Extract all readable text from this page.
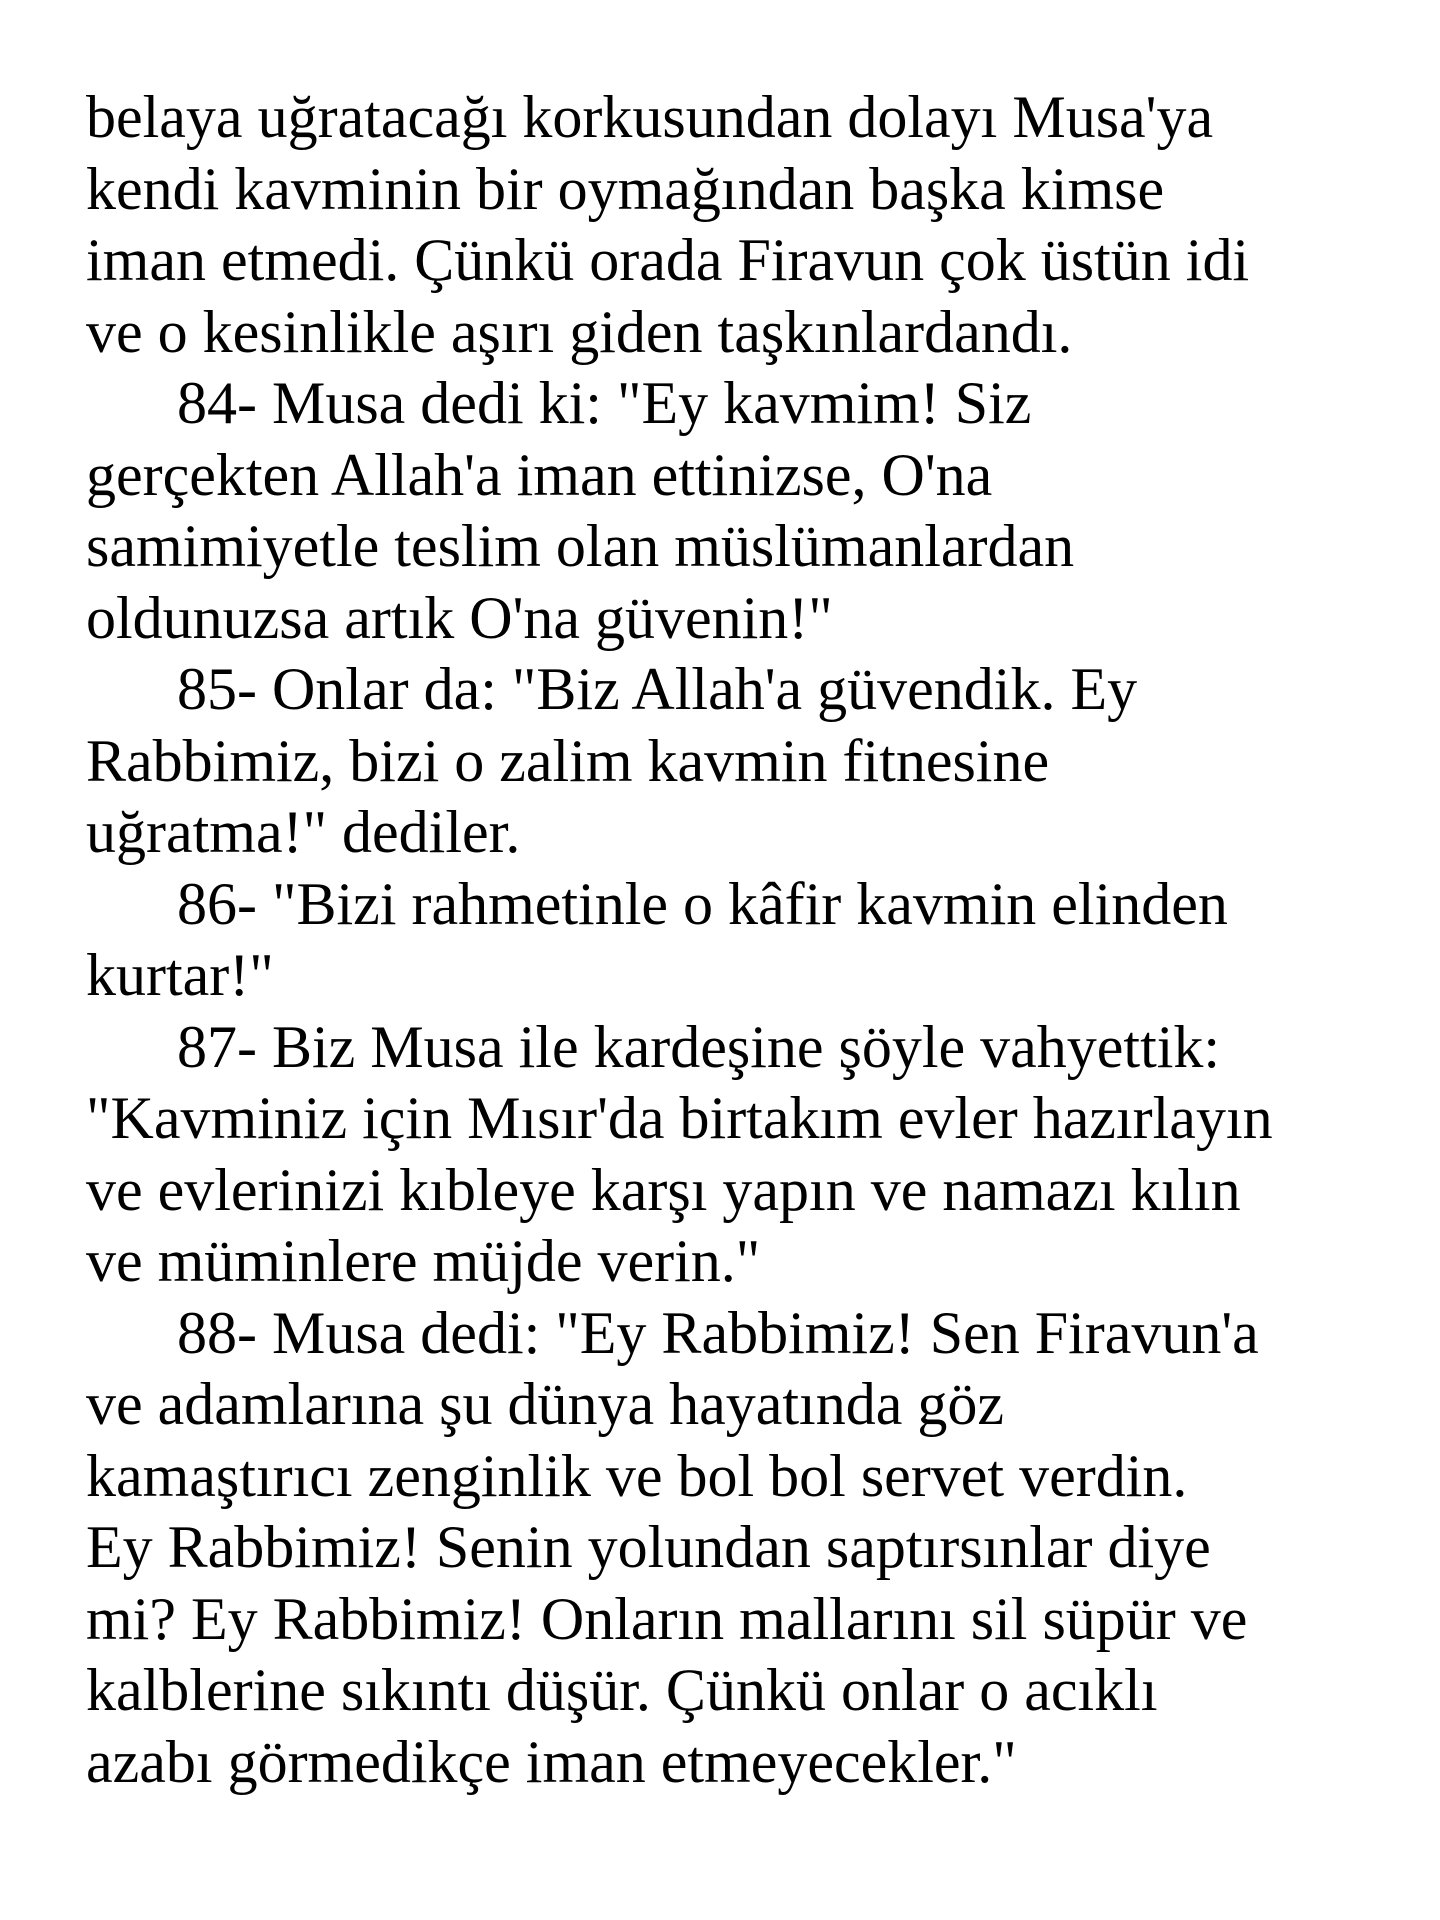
belaya uğratacağı korkusundan dolayı Musa'ya
kendi kavminin bir oymağından başka kimse
iman etmedi. Çünkü orada Firavun çok üstün idi
ve o kesinlikle aşırı giden taşkınlardandı.
84- Musa dedi ki: "Ey kavmim! Siz
gerçekten Allah'a iman ettinizse, O'na
samimiyetle teslim olan müslümanlardan
oldunuzsa artık O'na güvenin!"
85- Onlar da: "Biz Allah'a güvendik. Ey
Rabbimiz, bizi o zalim kavmin fitnesine
uğratma!" dediler.
86- "Bizi rahmetinle o kâfir kavmin elinden
kurtar!"
87- Biz Musa ile kardeşine şöyle vahyettik:
"Kavminiz için Mısır'da birtakım evler hazırlayın
ve evlerinizi kıbleye karşı yapın ve namazı kılın
ve müminlere müjde verin."
88- Musa dedi: "Ey Rabbimiz! Sen Firavun'a
ve adamlarına şu dünya hayatında göz
kamaştırıcı zenginlik ve bol bol servet verdin.
Ey Rabbimiz! Senin yolundan saptırsınlar diye
mi? Ey Rabbimiz! Onların mallarını sil süpür ve
kalblerine sıkıntı düşür. Çünkü onlar o acıklı
azabı görmedikçe iman etmeyecekler."
